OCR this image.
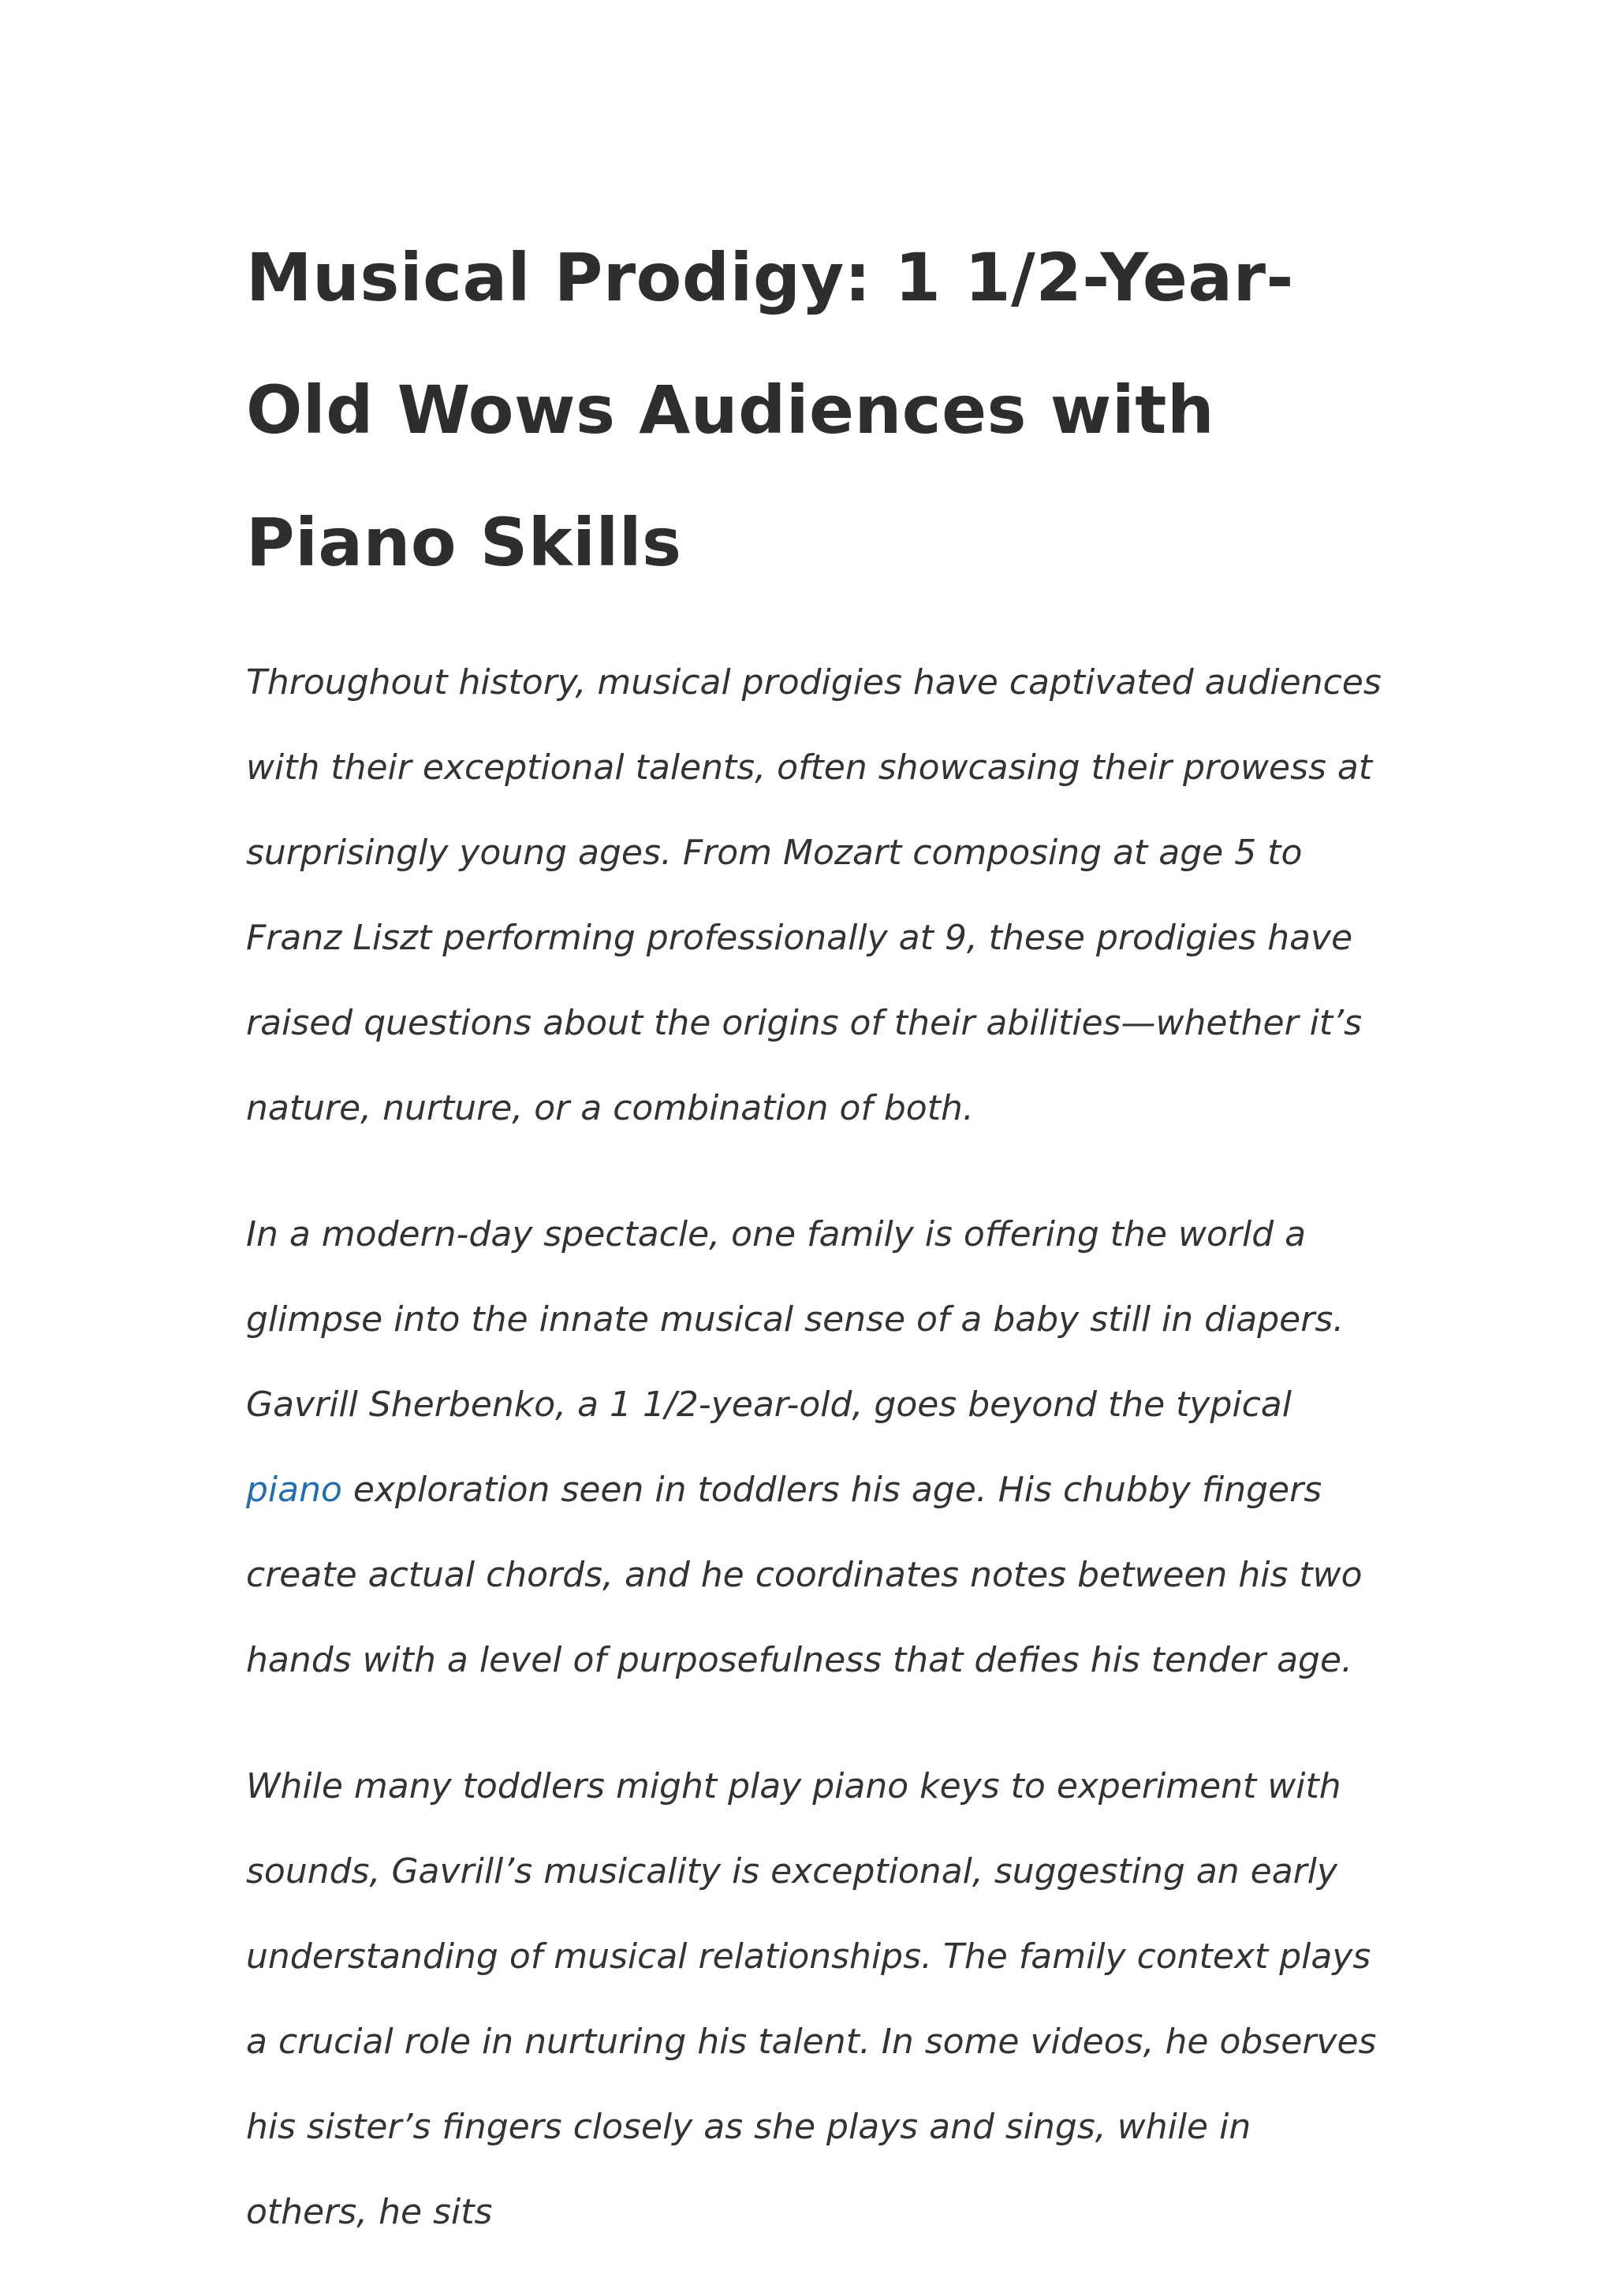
Musical Prodigy: 1 1/2-Year-Old Wows Audiences with Piano Skills

Throughout history, musical prodigies have captivated audiences with their exceptional talents, often showcasing their prowess at surprisingly young ages. From Mozart composing at age 5 to Franz Liszt performing professionally at 9, these prodigies have raised questions about the origins of their abilities—whether it’s nature, nurture, or a combination of both.

In a modern-day spectacle, one family is offering the world a glimpse into the innate musical sense of a baby still in diapers. Gavrill Sherbenko, a 1 1/2-year-old, goes beyond the typical piano exploration seen in toddlers his age. His chubby fingers create actual chords, and he coordinates notes between his two hands with a level of purposefulness that defies his tender age.

While many toddlers might play piano keys to experiment with sounds, Gavrill’s musicality is exceptional, suggesting an early understanding of musical relationships. The family context plays a crucial role in nurturing his talent. In some videos, he observes his sister’s fingers closely as she plays and sings, while in others, he sits
